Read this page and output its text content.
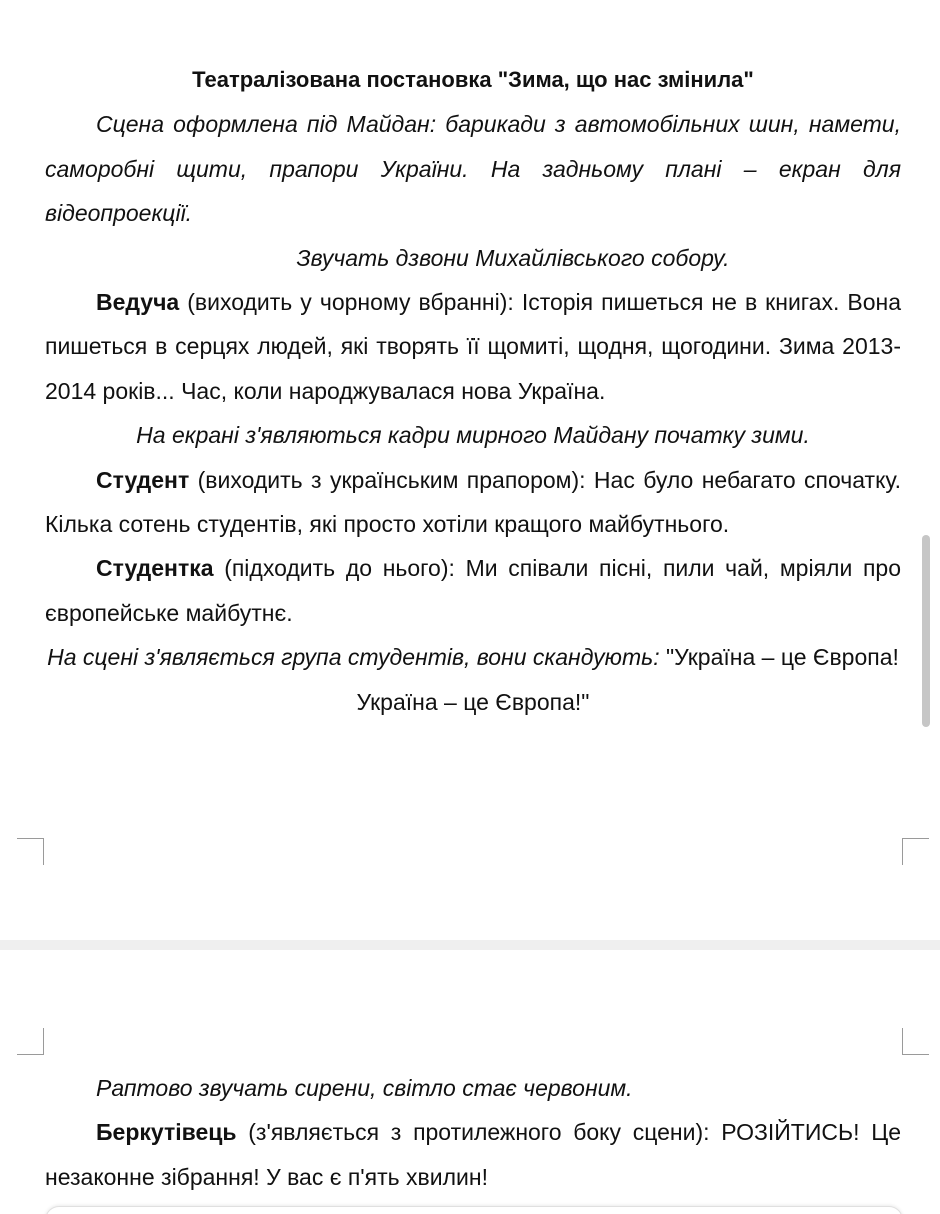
Театралізована постановка "Зима, що нас змінила"

Сцена оформлена під Майдан: барикади з автомобільних шин, намети, саморобні щити, прапори України. На задньому плані – екран для відеопроекції.

Звучать дзвони Михайлівського собору.

Ведуча (виходить у чорному вбранні): Історія пишеться не в книгах. Вона пишеться в серцях людей, які творять її щомиті, щодня, щогодини. Зима 2013-2014 років... Час, коли народжувалася нова Україна.

На екрані з'являються кадри мирного Майдану початку зими.

Студент (виходить з українським прапором): Нас було небагато спочатку. Кілька сотень студентів, які просто хотіли кращого майбутнього.

Студентка (підходить до нього): Ми співали пісні, пили чай, мріяли про європейське майбутнє.

На сцені з'являється група студентів, вони скандують: "Україна – це Європа! Україна – це Європа!"

Раптово звучать сирени, світло стає червоним.

Беркутівець (з'являється з протилежного боку сцени): РОЗІЙТИСЬ! Це незаконне зібрання! У вас є п'ять хвилин!
